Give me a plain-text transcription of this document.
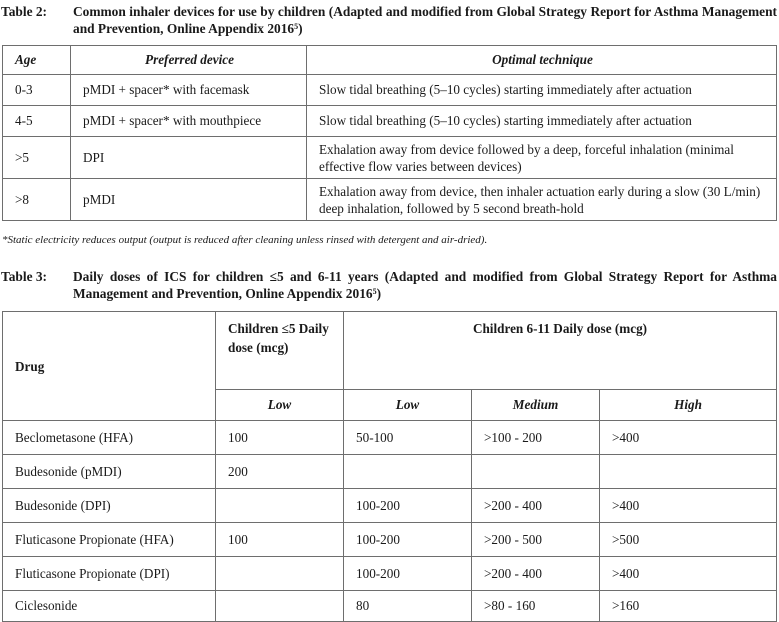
Table 2: Common inhaler devices for use by children (Adapted and modified from Global Strategy Report for Asthma Management and Prevention, Online Appendix 2016$^5$)
Age	Preferred device	Optimal technique
0-3	pMDI + spacer* with facemask	Slow tidal breathing (5–10 cycles) starting immediately after actuation
4-5	pMDI + spacer* with mouthpiece	Slow tidal breathing (5–10 cycles) starting immediately after actuation
>5	DPI	Exhalation away from device followed by a deep, forceful inhalation (minimal effective flow varies between devices)
>8	pMDI	Exhalation away from device, then inhaler actuation early during a slow (30 L/min) deep inhalation, followed by 5 second breath-hold
*Static electricity reduces output (output is reduced after cleaning unless rinsed with detergent and air-dried).
Table 3: Daily doses of ICS for children ≤5 and 6-11 years (Adapted and modified from Global Strategy Report for Asthma Management and Prevention, Online Appendix 2016$^5$)
Drug	Children ≤5 Daily dose (mcg)	Children 6-11 Daily dose (mcg)		
	Low	Low	Medium	High
Beclometasone (HFA)	100	50-100	>100 - 200	>400
Budesonide (pMDI)	200			
Budesonide (DPI)		100-200	>200 - 400	>400
Fluticasone Propionate (HFA)	100	100-200	>200 - 500	>500
Fluticasone Propionate (DPI)		100-200	>200 - 400	>400
Ciclesonide		80	>80 - 160	>160
